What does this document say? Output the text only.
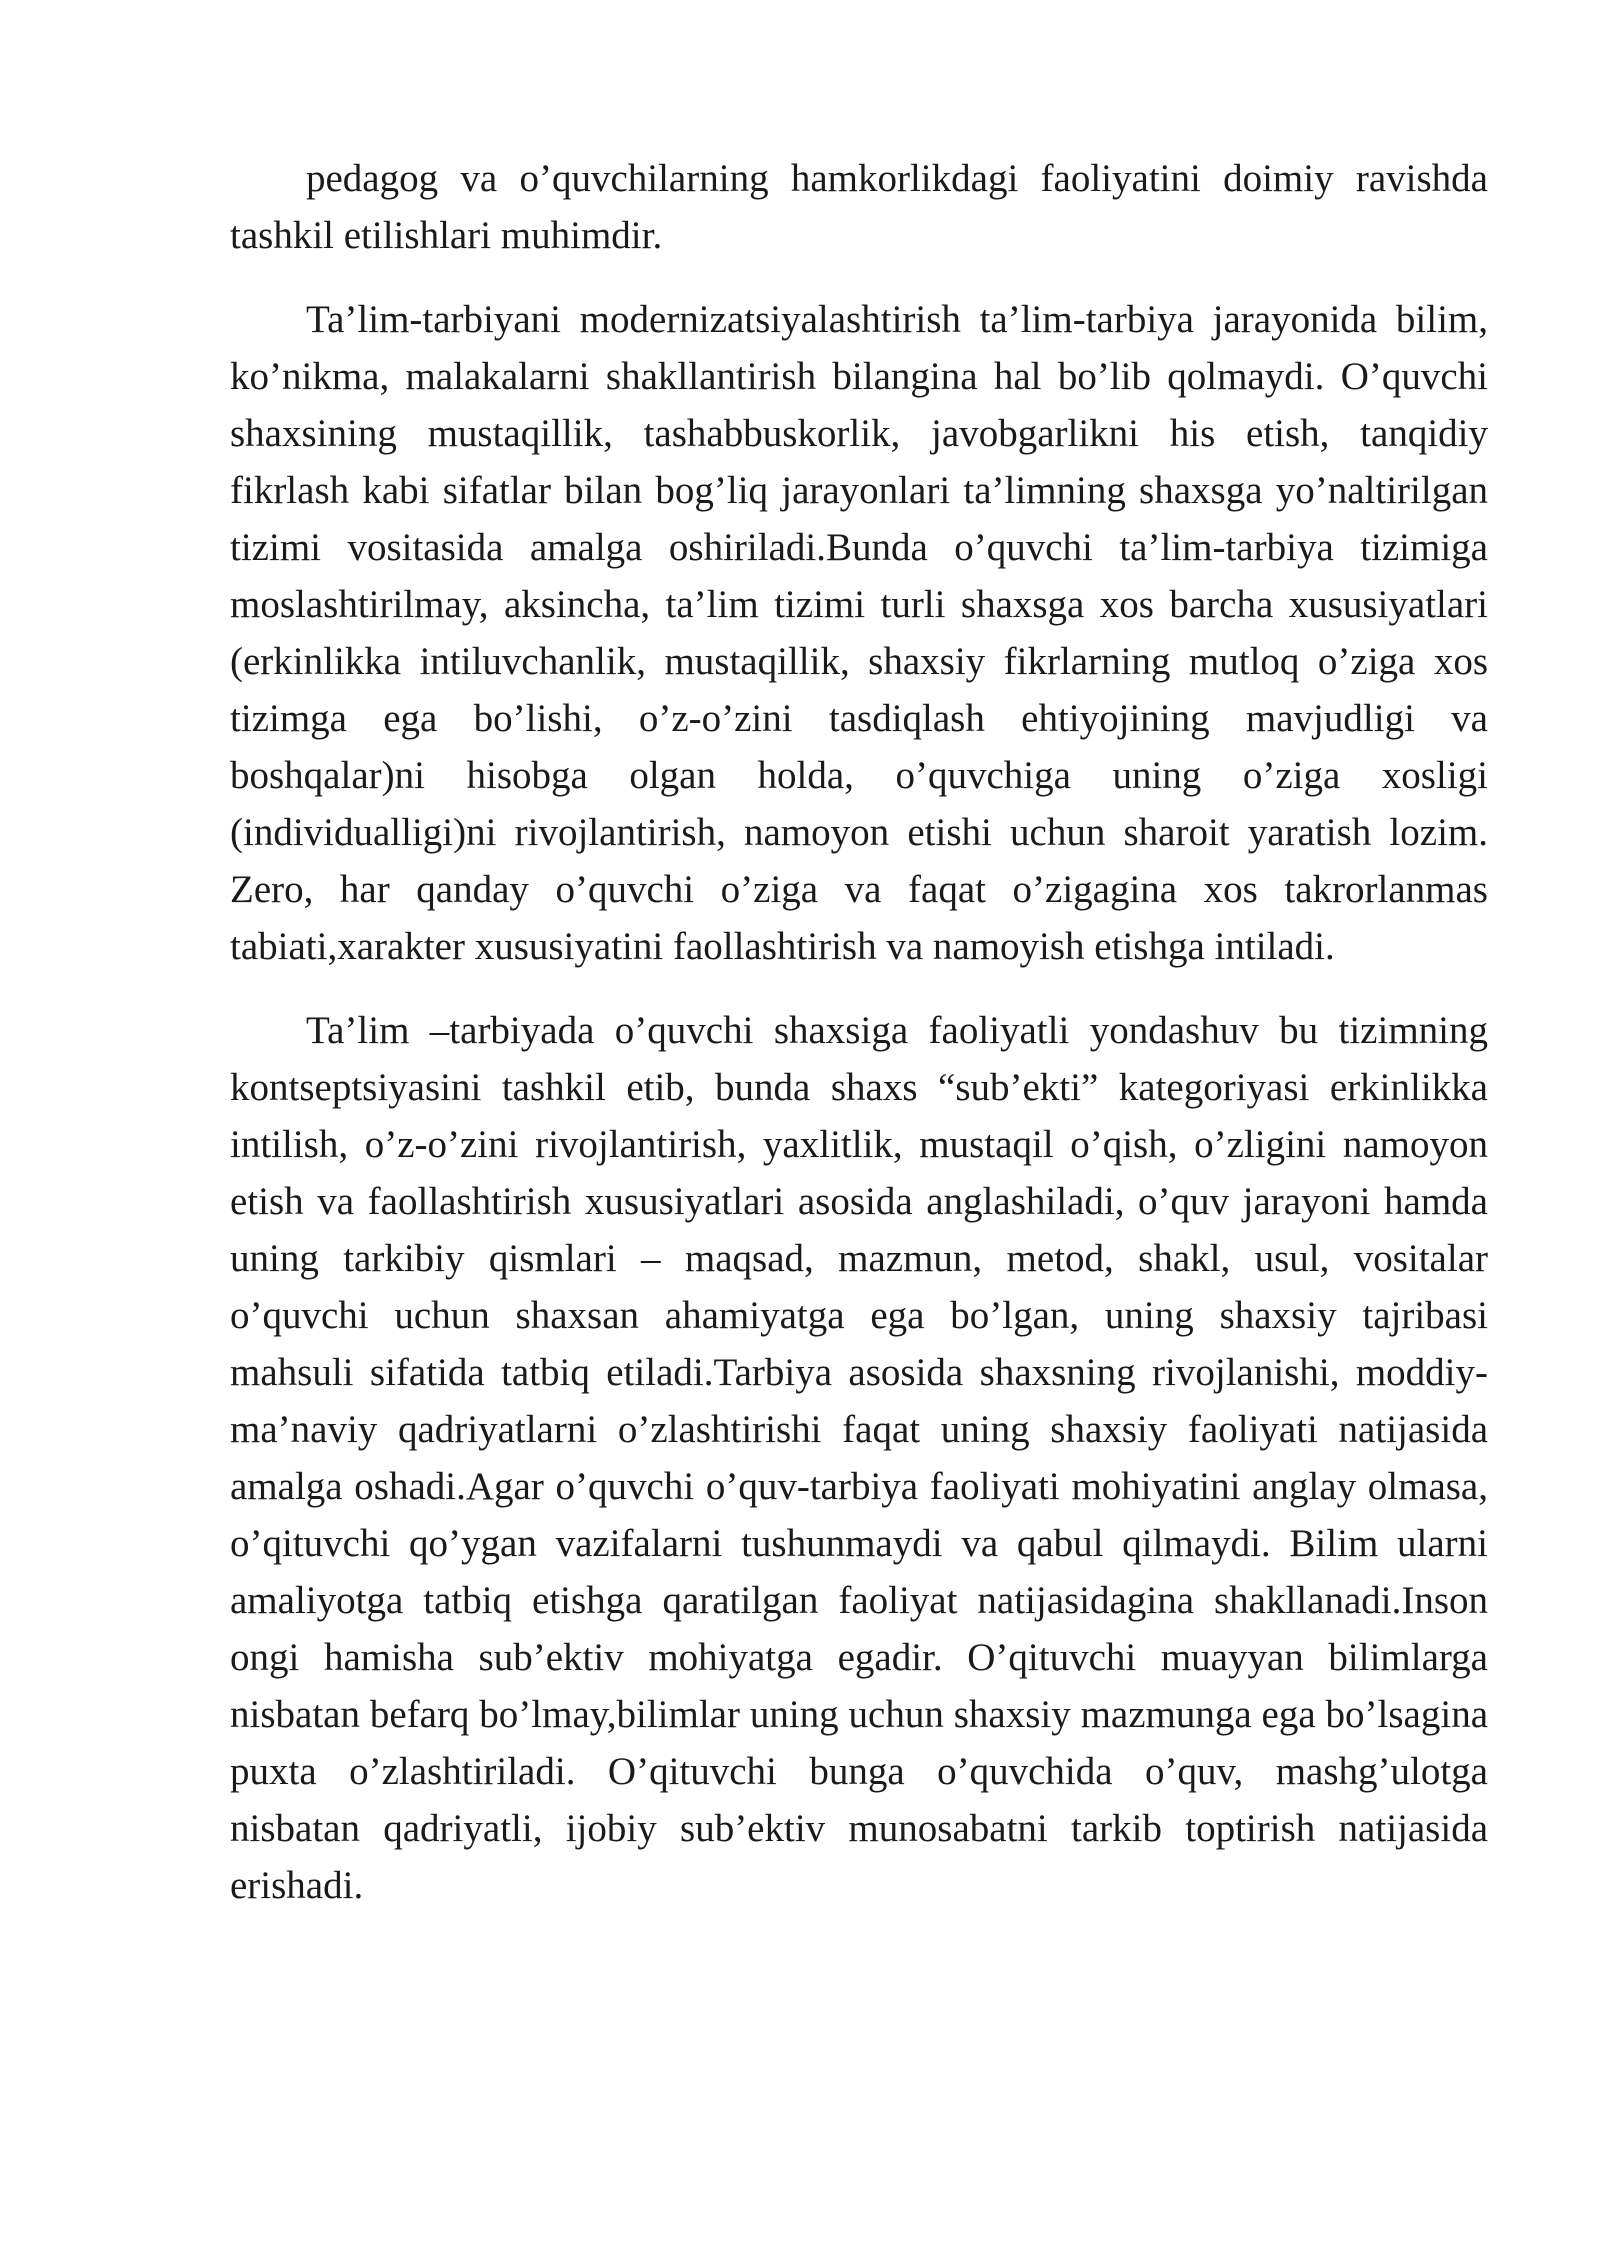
pedagog va o’quvchilarning hamkorlikdagi faoliyatini doimiy ravishda tashkil etilishlari muhimdir.

Ta’lim-tarbiyani modernizatsiyalashtirish ta’lim-tarbiya jarayonida bilim, ko’nikma, malakalarni shakllantirish bilangina hal bo’lib qolmaydi. O’quvchi shaxsining mustaqillik, tashabbuskorlik, javobgarlikni his etish, tanqidiy fikrlash kabi sifatlar bilan bog’liq jarayonlari ta’limning shaxsga yo’naltirilgan tizimi vositasida amalga oshiriladi.Bunda o’quvchi ta’lim-tarbiya tizimiga moslashtirilmay, aksincha, ta’lim tizimi turli shaxsga xos barcha xususiyatlari (erkinlikka intiluvchanlik, mustaqillik, shaxsiy fikrlarning mutloq o’ziga xos tizimga ega bo’lishi, o’z-o’zini tasdiqlash ehtiyojining mavjudligi va boshqalar)ni hisobga olgan holda, o’quvchiga uning o’ziga xosligi (individualligi)ni rivojlantirish, namoyon etishi uchun sharoit yaratish lozim. Zero, har qanday o’quvchi o’ziga va faqat o’zigagina xos takrorlanmas tabiati,xarakter xususiyatini faollashtirish va namoyish etishga intiladi.

Ta’lim –tarbiyada o’quvchi shaxsiga faoliyatli yondashuv bu tizimning kontseptsiyasini tashkil etib, bunda shaxs “sub’ekti” kategoriyasi erkinlikka intilish, o’z-o’zini rivojlantirish, yaxlitlik, mustaqil o’qish, o’zligini namoyon etish va faollashtirish xususiyatlari asosida anglashiladi, o’quv jarayoni hamda uning tarkibiy qismlari – maqsad, mazmun, metod, shakl, usul, vositalar o’quvchi uchun shaxsan ahamiyatga ega bo’lgan, uning shaxsiy tajribasi mahsuli sifatida tatbiq etiladi.Tarbiya asosida shaxsning rivojlanishi, moddiy-ma’naviy qadriyatlarni o’zlashtirishi faqat uning shaxsiy faoliyati natijasida amalga oshadi.Agar o’quvchi o’quv-tarbiya faoliyati mohiyatini anglay olmasa, o’qituvchi qo’ygan vazifalarni tushunmaydi va qabul qilmaydi. Bilim ularni amaliyotga tatbiq etishga qaratilgan faoliyat natijasidagina shakllanadi.Inson ongi hamisha sub’ektiv mohiyatga egadir. O’qituvchi muayyan bilimlarga nisbatan befarq bo’lmay,bilimlar uning uchun shaxsiy mazmunga ega bo’lsagina puxta o’zlashtiriladi. O’qituvchi bunga o’quvchida o’quv, mashg’ulotga nisbatan qadriyatli, ijobiy sub’ektiv munosabatni tarkib toptirish natijasida erishadi.
